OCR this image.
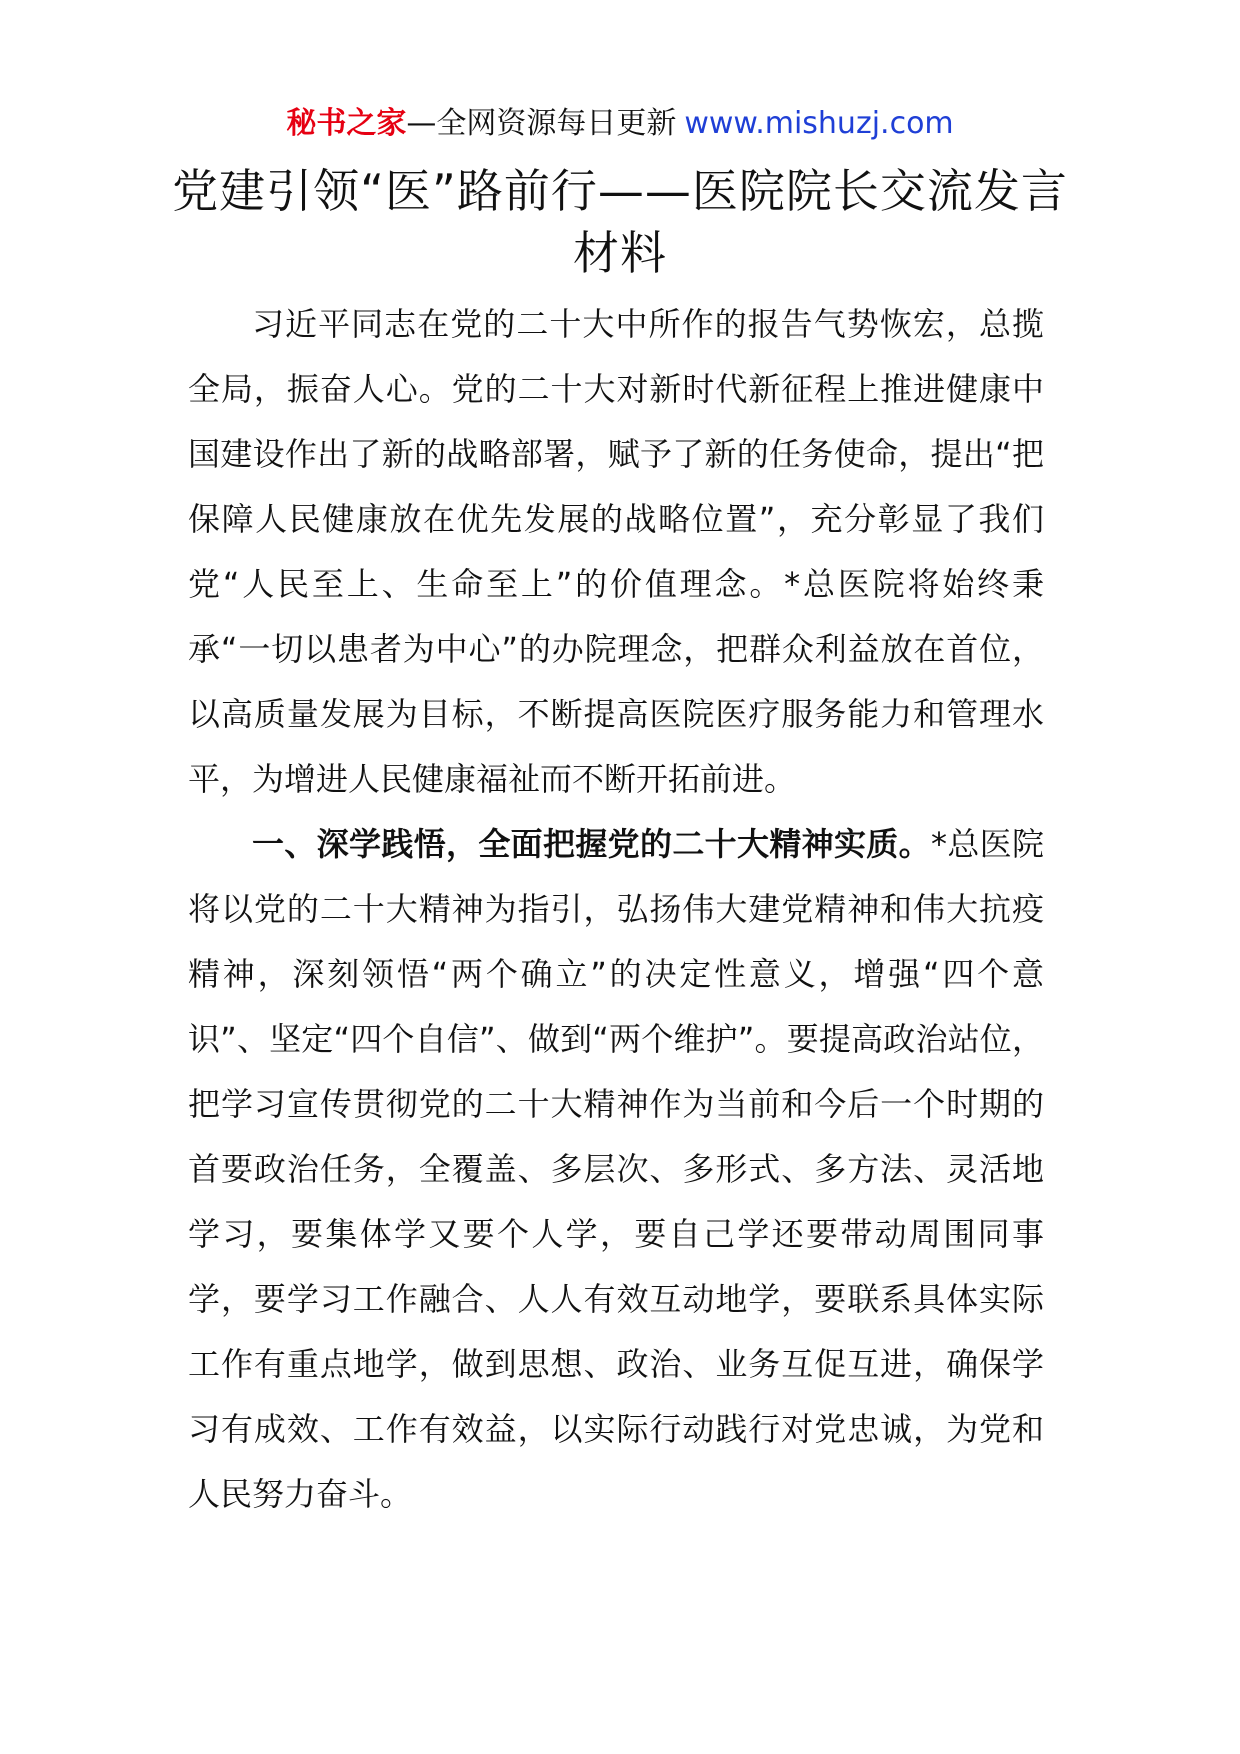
秘书之家—全网资源每日更新 www.mishuzj.com
党建引领“医”路前行——医院院长交流发言材料

习近平同志在党的二十大中所作的报告气势恢宏，总揽全局，振奋人心。党的二十大对新时代新征程上推进健康中国建设作出了新的战略部署，赋予了新的任务使命，提出“把保障人民健康放在优先发展的战略位置”，充分彰显了我们党“人民至上、生命至上”的价值理念。*总医院将始终秉承“一切以患者为中心”的办院理念，把群众利益放在首位，以高质量发展为目标，不断提高医院医疗服务能力和管理水平，为增进人民健康福祉而不断开拓前进。

一、深学践悟，全面把握党的二十大精神实质。*总医院将以党的二十大精神为指引，弘扬伟大建党精神和伟大抗疫精神，深刻领悟“两个确立”的决定性意义，增强“四个意识”、坚定“四个自信”、做到“两个维护”。要提高政治站位，把学习宣传贯彻党的二十大精神作为当前和今后一个时期的首要政治任务，全覆盖、多层次、多形式、多方法、灵活地学习，要集体学又要个人学，要自己学还要带动周围同事学，要学习工作融合、人人有效互动地学，要联系具体实际工作有重点地学，做到思想、政治、业务互促互进，确保学习有成效、工作有效益，以实际行动践行对党忠诚，为党和人民努力奋斗。
